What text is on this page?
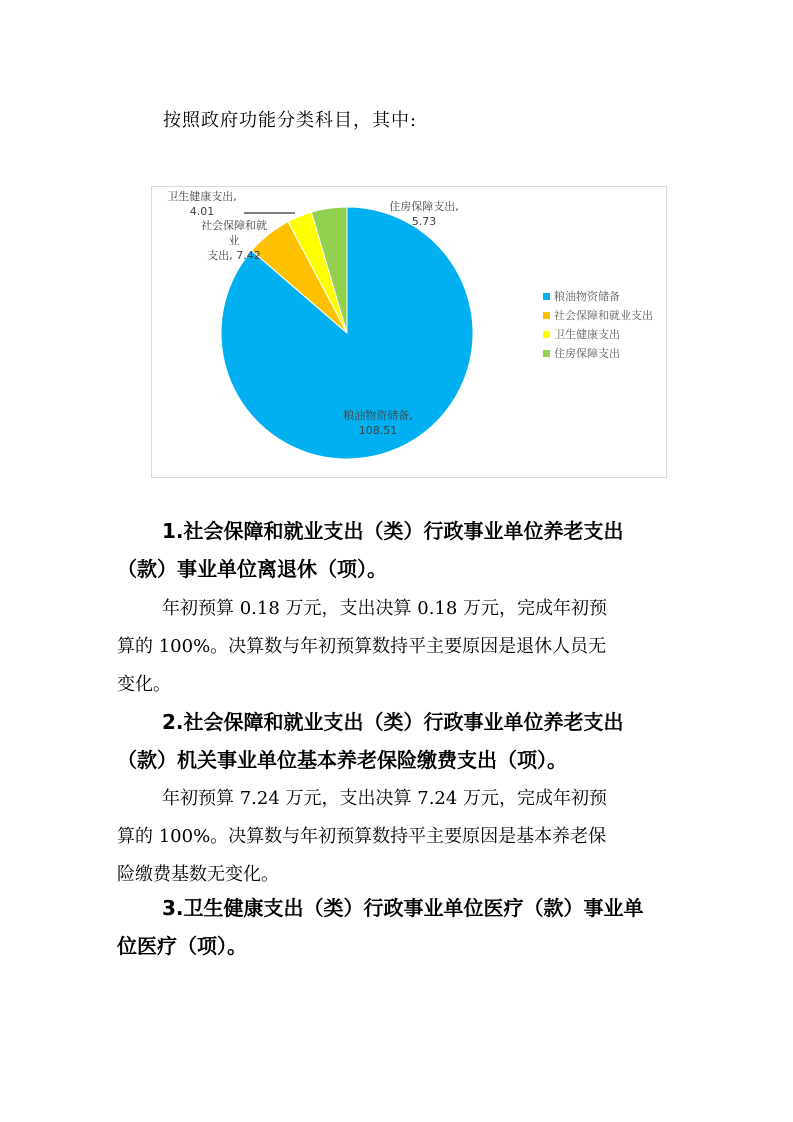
按照政府功能分类科目，其中:
粮油物资储备,
108.51
社会保障和就
业
支出, 7.42
卫生健康支出,
4.01	住房保障支出,
5.73
粮油物资储备
社会保障和就业支出
卫生健康支出
住房保障支出
1.社会保障和就业支出（类）行政事业单位养老支出
（款）事业单位离退休（项）。
年初预算 0.18 万元，支出决算 0.18 万元，完成年初预
算的 100%。决算数与年初预算数持平主要原因是退休人员无
变化。
2.社会保障和就业支出（类）行政事业单位养老支出
（款）机关事业单位基本养老保险缴费支出（项）。
年初预算 7.24 万元，支出决算 7.24 万元，完成年初预
算的 100%。决算数与年初预算数持平主要原因是基本养老保
险缴费基数无变化。
3.卫生健康支出（类）行政事业单位医疗（款）事业单
位医疗（项）。
